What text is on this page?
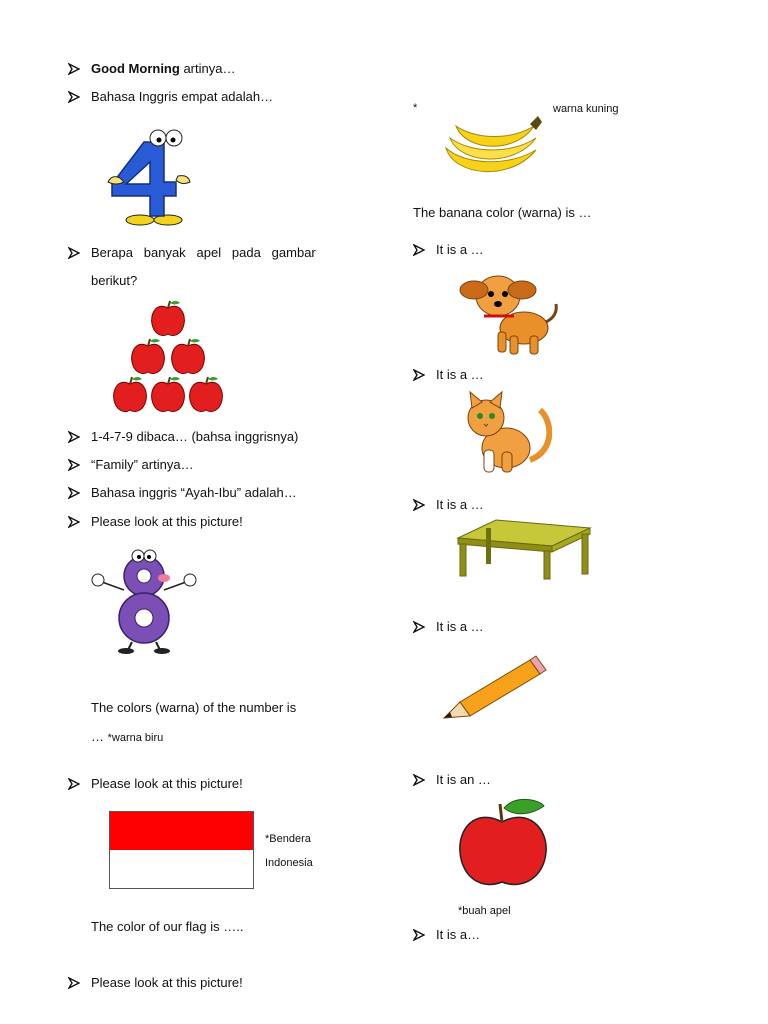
Good Morning artinya…
Bahasa Inggris empat adalah…
Berapa   banyak   apel   pada   gambar
berikut?
1-4-7-9 dibaca… (bahsa inggrisnya)
“Family” artinya…
Bahasa inggris “Ayah-Ibu” adalah…
Please look at this picture!
The colors (warna) of the number is
… *warna biru
Please look at this picture!
*Bendera
Indonesia
The color of our flag is …..
Please look at this picture!
*	warna kuning
The banana color (warna) is …
It is a …
It is a …
It is a …
It is a …
It is an …
*buah apel
It is a…
